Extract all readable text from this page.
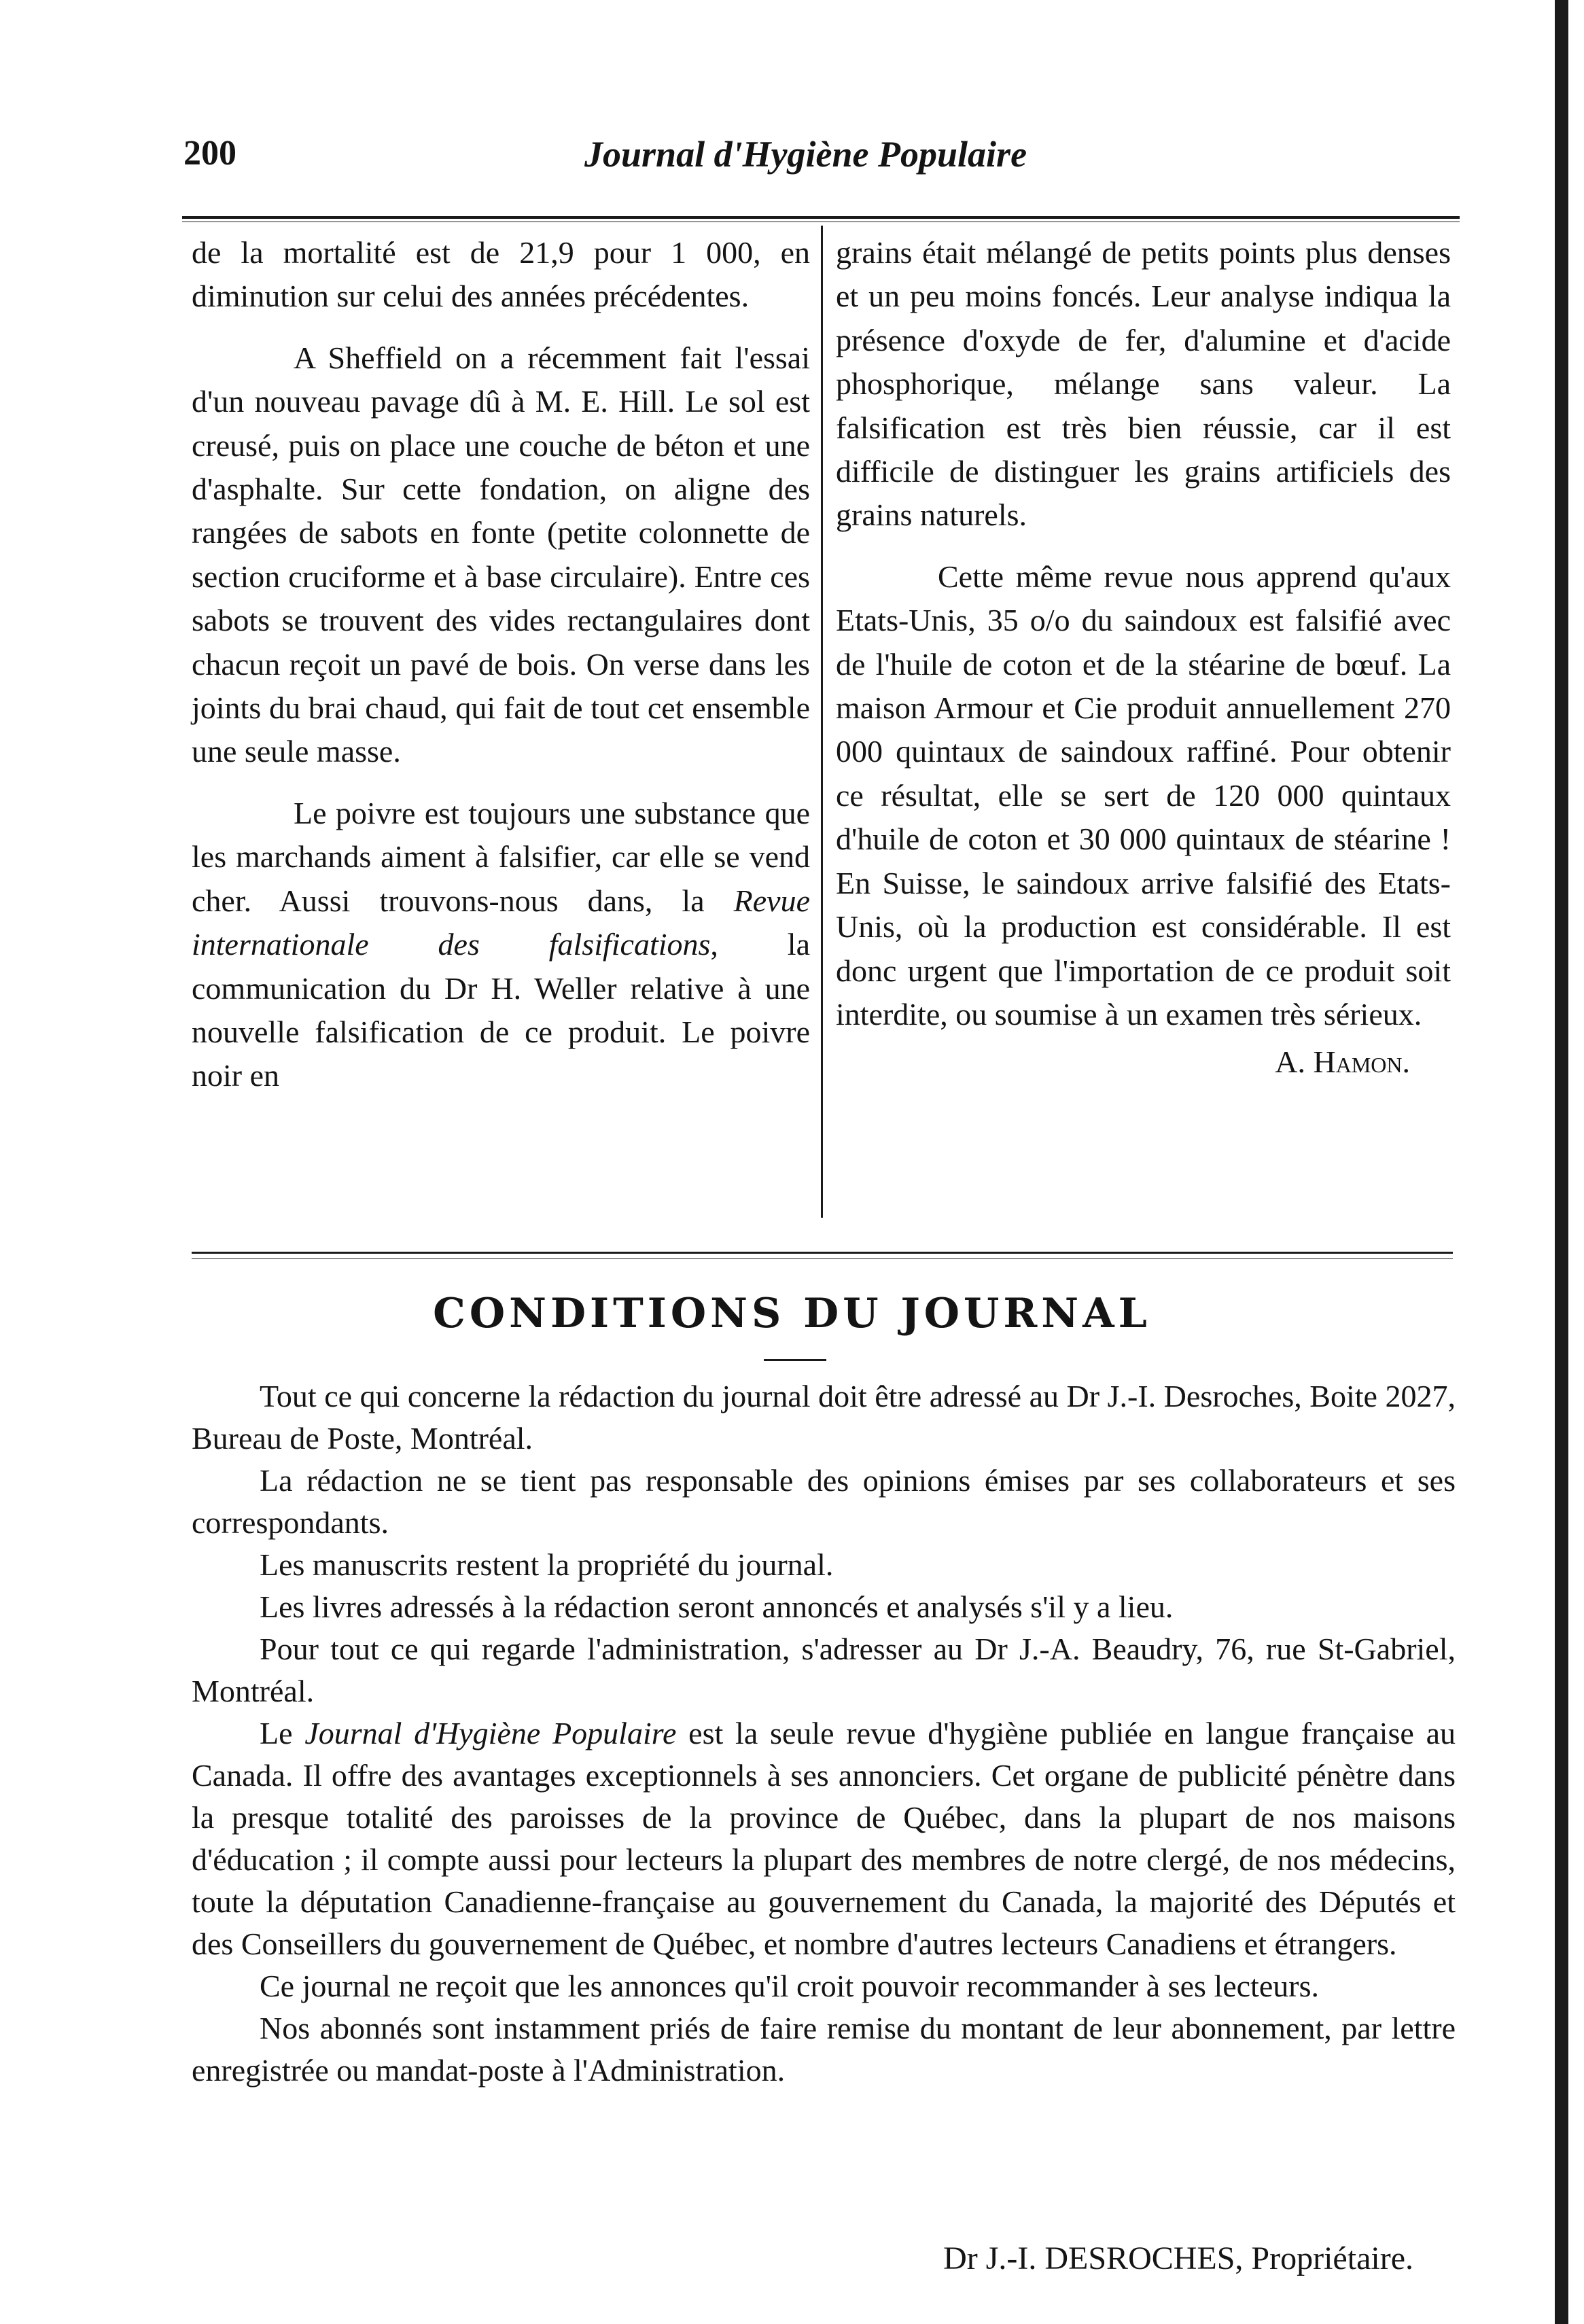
200	Journal d'Hygiène Populaire

de la mortalité est de 21,9 pour 1 000, en diminution sur celui des années précédentes.

A Sheffield on a récemment fait l'essai d'un nouveau pavage dû à M. E. Hill. Le sol est creusé, puis on place une couche de béton et une d'asphalte. Sur cette fondation, on aligne des rangées de sabots en fonte (petite colonnette de section cruciforme et à base circulaire). Entre ces sabots se trouvent des vides rectangulaires dont chacun reçoit un pavé de bois. On verse dans les joints du brai chaud, qui fait de tout cet ensemble une seule masse.

Le poivre est toujours une substance que les marchands aiment à falsifier, car elle se vend cher. Aussi trouvons-nous dans, la Revue internationale des falsifications, la communication du Dr H. Weller relative à une nouvelle falsification de ce produit. Le poivre noir en

grains était mélangé de petits points plus denses et un peu moins foncés. Leur analyse indiqua la présence d'oxyde de fer, d'alumine et d'acide phosphorique, mélange sans valeur. La falsification est très bien réussie, car il est difficile de distinguer les grains artificiels des grains naturels.

Cette même revue nous apprend qu'aux Etats-Unis, 35 o/o du saindoux est falsifié avec de l'huile de coton et de la stéarine de bœuf. La maison Armour et Cie produit annuellement 270 000 quintaux de saindoux raffiné. Pour obtenir ce résultat, elle se sert de 120 000 quintaux d'huile de coton et 30 000 quintaux de stéarine ! En Suisse, le saindoux arrive falsifié des Etats-Unis, où la production est considérable. Il est donc urgent que l'importation de ce produit soit interdite, ou soumise à un examen très sérieux.

A. Hamon.

CONDITIONS DU JOURNAL

Tout ce qui concerne la rédaction du journal doit être adressé au Dr J.-I. Desroches, Boite 2027, Bureau de Poste, Montréal.

La rédaction ne se tient pas responsable des opinions émises par ses collaborateurs et ses correspondants.

Les manuscrits restent la propriété du journal.

Les livres adressés à la rédaction seront annoncés et analysés s'il y a lieu.

Pour tout ce qui regarde l'administration, s'adresser au Dr J.-A. Beaudry, 76, rue St-Gabriel, Montréal.

Le Journal d'Hygiène Populaire est la seule revue d'hygiène publiée en langue française au Canada. Il offre des avantages exceptionnels à ses annonciers. Cet organe de publicité pénètre dans la presque totalité des paroisses de la province de Québec, dans la plupart de nos maisons d'éducation ; il compte aussi pour lecteurs la plupart des membres de notre clergé, de nos médecins, toute la députation Canadienne-française au gouvernement du Canada, la majorité des Députés et des Conseillers du gouvernement de Québec, et nombre d'autres lecteurs Canadiens et étrangers.

Ce journal ne reçoit que les annonces qu'il croit pouvoir recommander à ses lecteurs.

Nos abonnés sont instamment priés de faire remise du montant de leur abonnement, par lettre enregistrée ou mandat-poste à l'Administration.

Dr J.-I. DESROCHES, Propriétaire.
